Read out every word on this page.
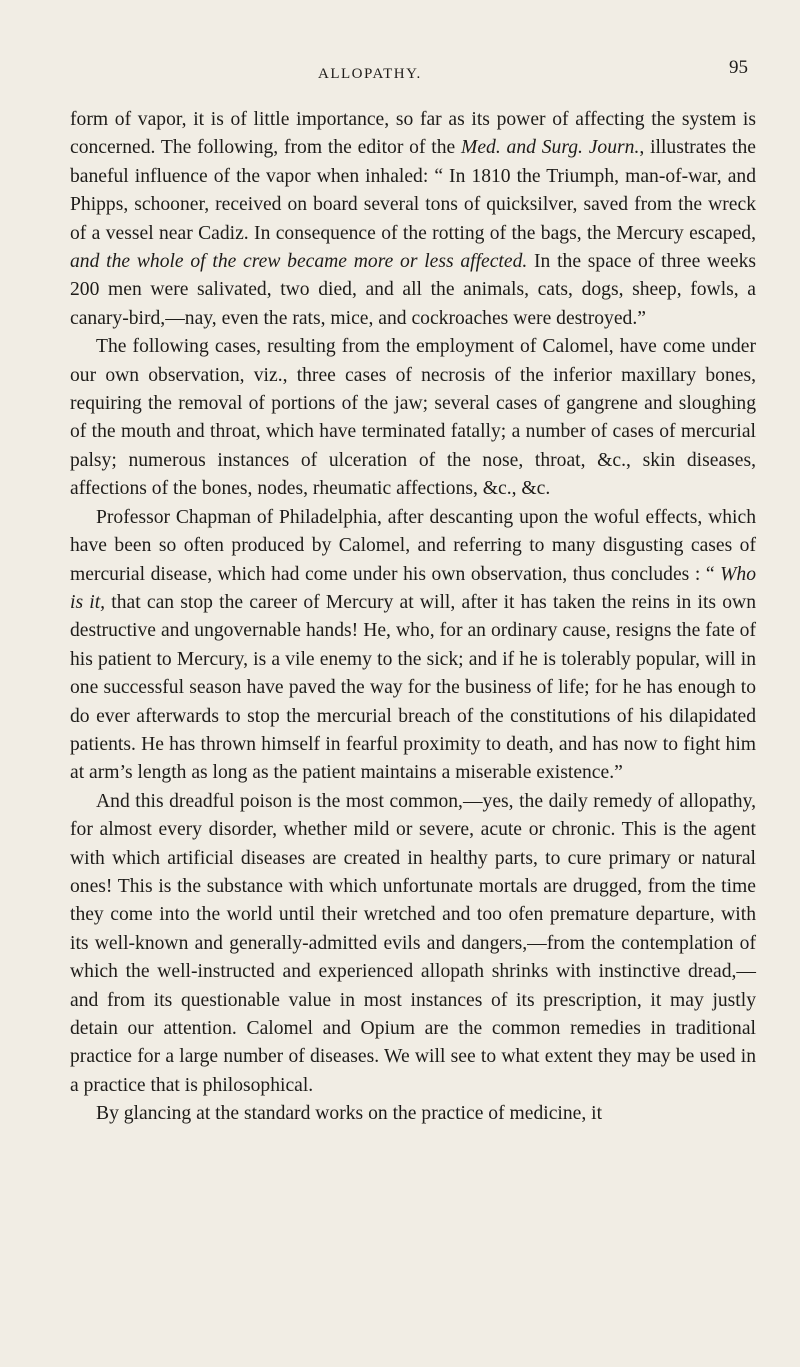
ALLOPATHY.	95

form of vapor, it is of little importance, so far as its power of affecting the system is concerned. The following, from the editor of the Med. and Surg. Journ., illustrates the baneful influence of the vapor when inhaled: “ In 1810 the Triumph, man-of-war, and Phipps, schooner, received on board several tons of quicksilver, saved from the wreck of a vessel near Cadiz. In consequence of the rotting of the bags, the Mercury escaped, and the whole of the crew became more or less affected. In the space of three weeks 200 men were salivated, two died, and all the animals, cats, dogs, sheep, fowls, a canary-bird,—nay, even the rats, mice, and cockroaches were destroyed.”

The following cases, resulting from the employment of Calomel, have come under our own observation, viz., three cases of necrosis of the inferior maxillary bones, requiring the removal of portions of the jaw; several cases of gangrene and sloughing of the mouth and throat, which have terminated fatally; a number of cases of mercurial palsy; numerous instances of ulceration of the nose, throat, &c., skin diseases, affections of the bones, nodes, rheumatic affections, &c., &c.

Professor Chapman of Philadelphia, after descanting upon the woful effects, which have been so often produced by Calomel, and referring to many disgusting cases of mercurial disease, which had come under his own observation, thus concludes : “ Who is it, that can stop the career of Mercury at will, after it has taken the reins in its own destructive and ungovernable hands! He, who, for an ordinary cause, resigns the fate of his patient to Mercury, is a vile enemy to the sick; and if he is tolerably popular, will in one successful season have paved the way for the business of life; for he has enough to do ever afterwards to stop the mercurial breach of the constitutions of his dilapidated patients. He has thrown himself in fearful proximity to death, and has now to fight him at arm’s length as long as the patient maintains a miserable existence.”

And this dreadful poison is the most common,—yes, the daily remedy of allopathy, for almost every disorder, whether mild or severe, acute or chronic. This is the agent with which artificial diseases are created in healthy parts, to cure primary or natural ones! This is the substance with which unfortunate mortals are drugged, from the time they come into the world until their wretched and too ofen premature departure, with its well-known and generally-admitted evils and dangers,—from the contemplation of which the well-instructed and experienced allopath shrinks with instinctive dread,—and from its questionable value in most instances of its prescription, it may justly detain our attention. Calomel and Opium are the common remedies in traditional practice for a large number of diseases. We will see to what extent they may be used in a practice that is philosophical.

By glancing at the standard works on the practice of medicine, it
